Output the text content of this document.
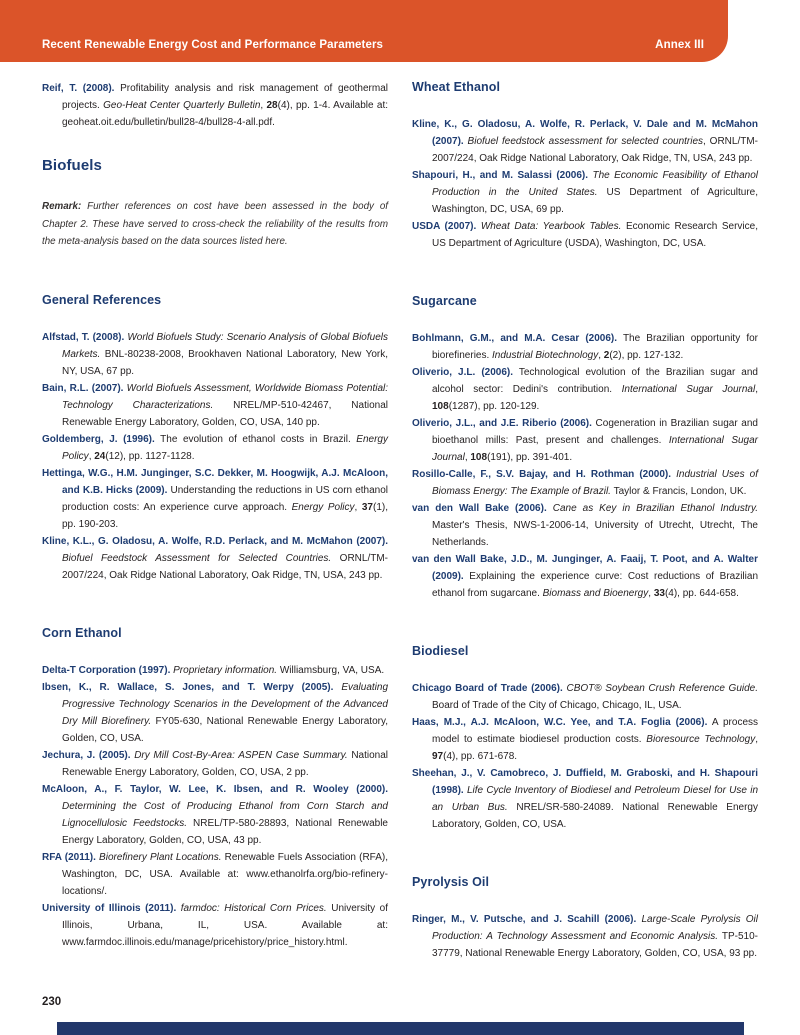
Recent Renewable Energy Cost and Performance Parameters	Annex III

Reif, T. (2008). Profitability analysis and risk management of geothermal projects. Geo-Heat Center Quarterly Bulletin, 28(4), pp. 1-4. Available at: geoheat.oit.edu/bulletin/bull28-4/bull28-4-all.pdf.

Biofuels

Remark: Further references on cost have been assessed in the body of Chapter 2. These have served to cross-check the reliability of the results from the meta-analysis based on the data sources listed here.

General References

Alfstad, T. (2008). World Biofuels Study: Scenario Analysis of Global Biofuels Markets. BNL-80238-2008, Brookhaven National Laboratory, New York, NY, USA, 67 pp.

Bain, R.L. (2007). World Biofuels Assessment, Worldwide Biomass Potential: Technology Characterizations. NREL/MP-510-42467, National Renewable Energy Laboratory, Golden, CO, USA, 140 pp.

Goldemberg, J. (1996). The evolution of ethanol costs in Brazil. Energy Policy, 24(12), pp. 1127-1128.

Hettinga, W.G., H.M. Junginger, S.C. Dekker, M. Hoogwijk, A.J. McAloon, and K.B. Hicks (2009). Understanding the reductions in US corn ethanol production costs: An experience curve approach. Energy Policy, 37(1), pp. 190-203.

Kline, K.L., G. Oladosu, A. Wolfe, R.D. Perlack, and M. McMahon (2007). Biofuel Feedstock Assessment for Selected Countries. ORNL/TM-2007/224, Oak Ridge National Laboratory, Oak Ridge, TN, USA, 243 pp.

Corn Ethanol

Delta-T Corporation (1997). Proprietary information. Williamsburg, VA, USA.

Ibsen, K., R. Wallace, S. Jones, and T. Werpy (2005). Evaluating Progressive Technology Scenarios in the Development of the Advanced Dry Mill Biorefinery. FY05-630, National Renewable Energy Laboratory, Golden, CO, USA.

Jechura, J. (2005). Dry Mill Cost-By-Area: ASPEN Case Summary. National Renewable Energy Laboratory, Golden, CO, USA, 2 pp.

McAloon, A., F. Taylor, W. Lee, K. Ibsen, and R. Wooley (2000). Determining the Cost of Producing Ethanol from Corn Starch and Lignocellulosic Feedstocks. NREL/TP-580-28893, National Renewable Energy Laboratory, Golden, CO, USA, 43 pp.

RFA (2011). Biorefinery Plant Locations. Renewable Fuels Association (RFA), Washington, DC, USA. Available at: www.ethanolrfa.org/bio-refinery-locations/.

University of Illinois (2011). farmdoc: Historical Corn Prices. University of Illinois, Urbana, IL, USA. Available at: www.farmdoc.illinois.edu/manage/pricehistory/price_history.html.

Wheat Ethanol

Kline, K., G. Oladosu, A. Wolfe, R. Perlack, V. Dale and M. McMahon (2007). Biofuel feedstock assessment for selected countries, ORNL/TM-2007/224, Oak Ridge National Laboratory, Oak Ridge, TN, USA, 243 pp.

Shapouri, H., and M. Salassi (2006). The Economic Feasibility of Ethanol Production in the United States. US Department of Agriculture, Washington, DC, USA, 69 pp.

USDA (2007). Wheat Data: Yearbook Tables. Economic Research Service, US Department of Agriculture (USDA), Washington, DC, USA.

Sugarcane

Bohlmann, G.M., and M.A. Cesar (2006). The Brazilian opportunity for biorefineries. Industrial Biotechnology, 2(2), pp. 127-132.

Oliverio, J.L. (2006). Technological evolution of the Brazilian sugar and alcohol sector: Dedini's contribution. International Sugar Journal, 108(1287), pp. 120-129.

Oliverio, J.L., and J.E. Riberio (2006). Cogeneration in Brazilian sugar and bioethanol mills: Past, present and challenges. International Sugar Journal, 108(191), pp. 391-401.

Rosillo-Calle, F., S.V. Bajay, and H. Rothman (2000). Industrial Uses of Biomass Energy: The Example of Brazil. Taylor & Francis, London, UK.

van den Wall Bake (2006). Cane as Key in Brazilian Ethanol Industry. Master's Thesis, NWS-1-2006-14, University of Utrecht, Utrecht, The Netherlands.

van den Wall Bake, J.D., M. Junginger, A. Faaij, T. Poot, and A. Walter (2009). Explaining the experience curve: Cost reductions of Brazilian ethanol from sugarcane. Biomass and Bioenergy, 33(4), pp. 644-658.

Biodiesel

Chicago Board of Trade (2006). CBOT® Soybean Crush Reference Guide. Board of Trade of the City of Chicago, Chicago, IL, USA.

Haas, M.J., A.J. McAloon, W.C. Yee, and T.A. Foglia (2006). A process model to estimate biodiesel production costs. Bioresource Technology, 97(4), pp. 671-678.

Sheehan, J., V. Camobreco, J. Duffield, M. Graboski, and H. Shapouri (1998). Life Cycle Inventory of Biodiesel and Petroleum Diesel for Use in an Urban Bus. NREL/SR-580-24089. National Renewable Energy Laboratory, Golden, CO, USA.

Pyrolysis Oil

Ringer, M., V. Putsche, and J. Scahill (2006). Large-Scale Pyrolysis Oil Production: A Technology Assessment and Economic Analysis. TP-510-37779, National Renewable Energy Laboratory, Golden, CO, USA, 93 pp.

230
